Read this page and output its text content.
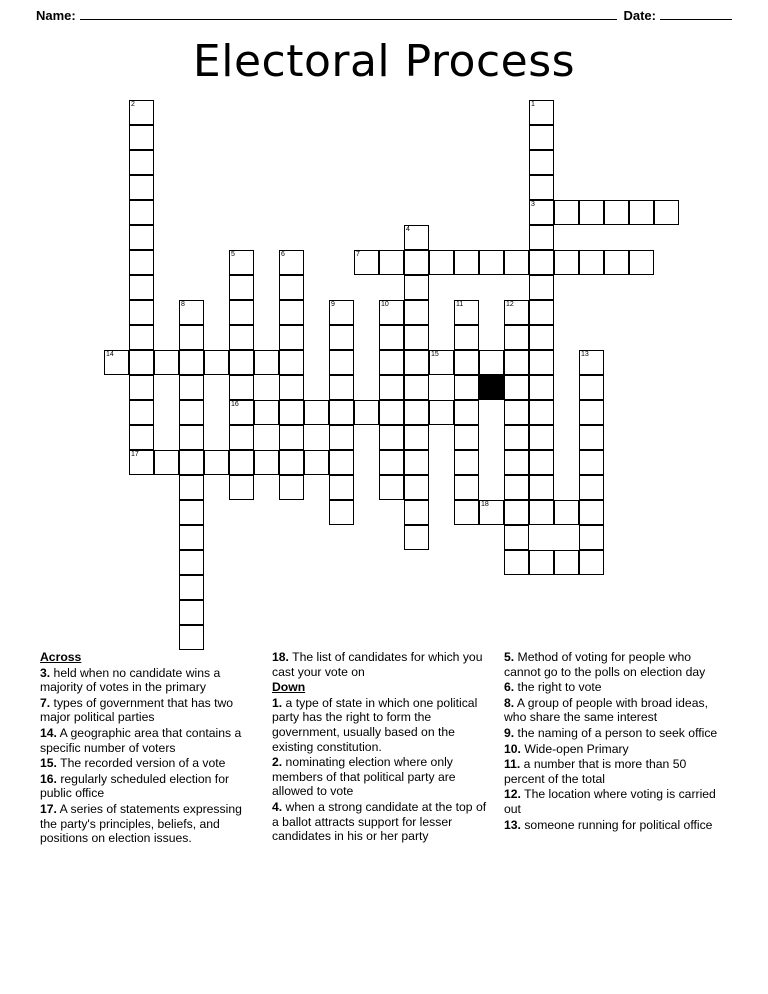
Name:	Date:
Electoral Process
1
2
3
4
5	6	7
8	9	10	11	12
14	15	13
16
17
18
Across
3. held when no candidate wins a majority of votes in the primary
7. types of government that has two major political parties
14. A geographic area that contains a specific number of voters
15. The recorded version of a vote
16. regularly scheduled election for public office
17. A series of statements expressing the party's principles, beliefs, and positions on election issues.
18. The list of candidates for which you cast your vote on
Down
1. a type of state in which one political party has the right to form the government, usually based on the existing constitution.
2. nominating election where only members of that political party are allowed to vote
4. when a strong candidate at the top of a ballot attracts support for lesser candidates in his or her party
5. Method of voting for people who cannot go to the polls on election day
6. the right to vote
8. A group of people with broad ideas, who share the same interest
9. the naming of a person to seek office
10. Wide-open Primary
11. a number that is more than 50 percent of the total
12. The location where voting is carried out
13. someone running for political office
